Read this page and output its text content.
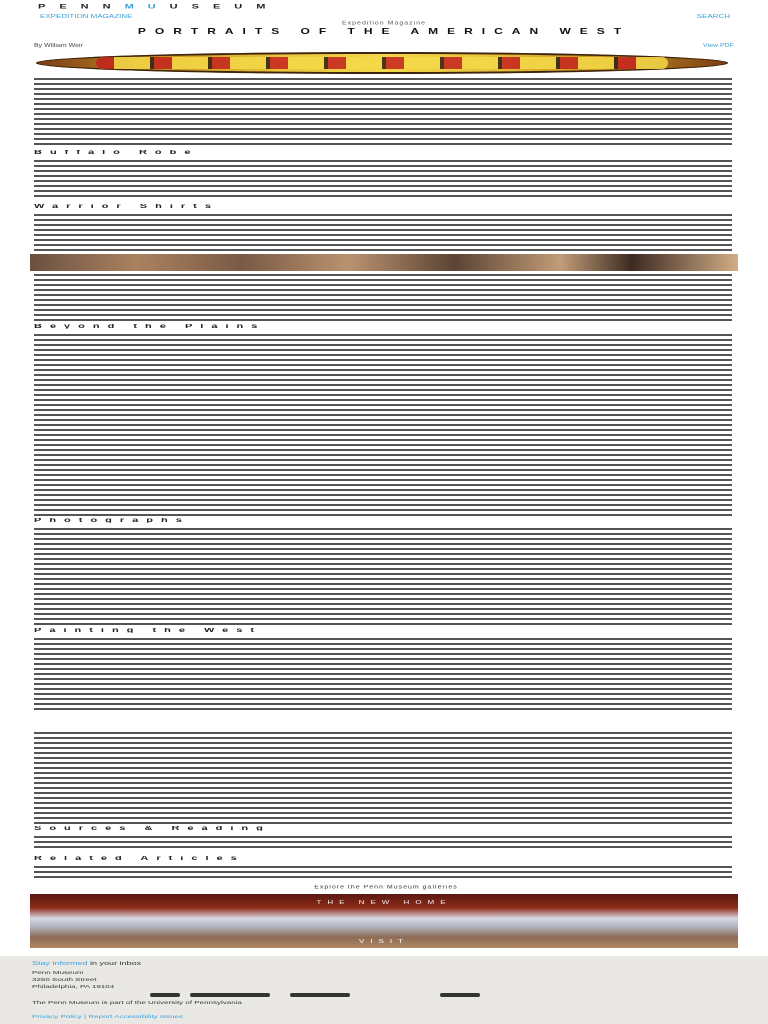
PENNMUUSEUM
EXPEDITION MAGAZINE	SEARCH
Expedition Magazine
PORTRAITS OF THE AMERICAN WEST
By William Weir	View PDF
Buffalo Robe
Warrior Shirts
Beyond the Plains
Photographs
Painting the West
Sources & Reading
Related Articles
Explore the Penn Museum galleries
THE NEW HOME
VISIT
Stay informed in your inbox
Penn Museum
3260 South Street
Philadelphia, PA 19104
The Penn Museum is part of the University of Pennsylvania
Privacy Policy | Report Accessibility Issues
